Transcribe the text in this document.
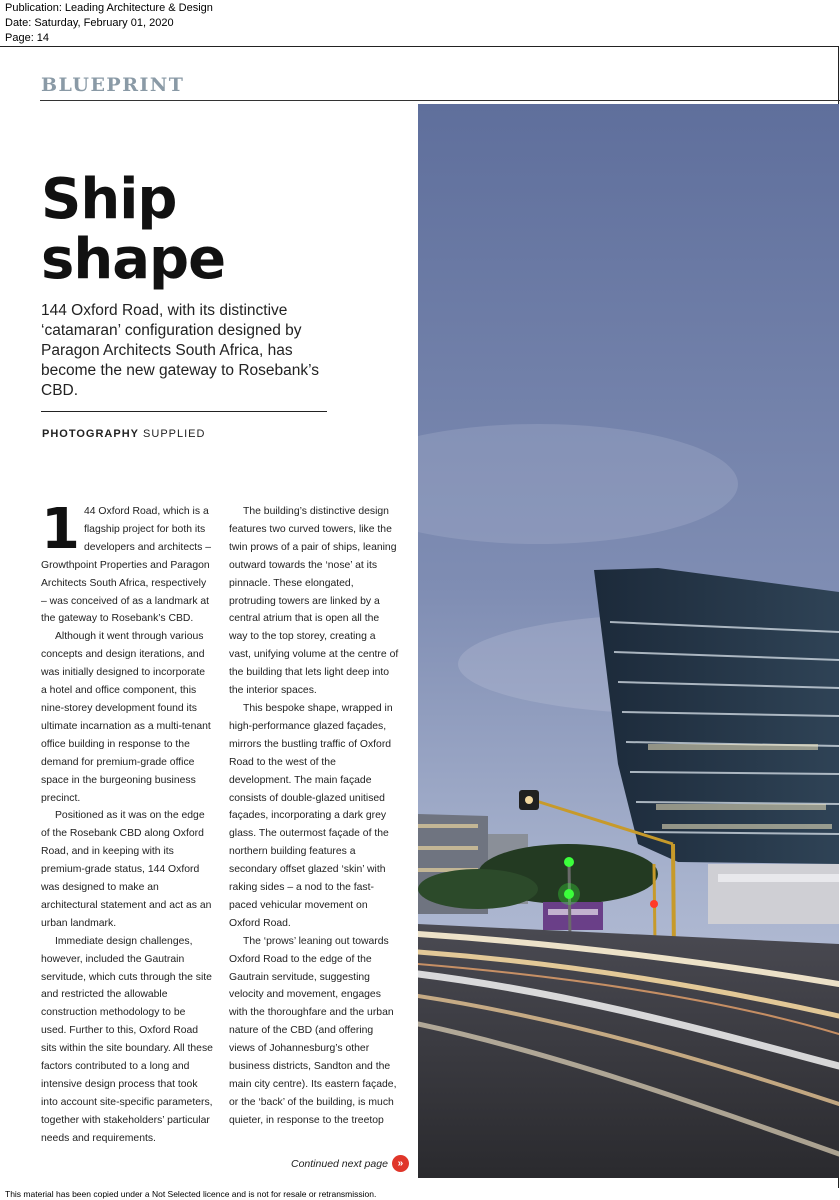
Publication: Leading Architecture & Design
Date: Saturday, February 01, 2020
Page: 14
BLUEPRINT
Ship shape

144 Oxford Road, with its distinctive ‘catamaran’ configuration designed by Paragon Architects South Africa, has become the new gateway to Rosebank’s CBD.

PHOTOGRAPHY SUPPLIED

1 44 Oxford Road, which is a flagship project for both its developers and architects – Growthpoint Properties and Paragon Architects South Africa, respectively – was conceived of as a landmark at the gateway to Rosebank’s CBD.

Although it went through various concepts and design iterations, and was initially designed to incorporate a hotel and office component, this nine-storey development found its ultimate incarnation as a multi-tenant office building in response to the demand for premium-grade office space in the burgeoning business precinct.

Positioned as it was on the edge of the Rosebank CBD along Oxford Road, and in keeping with its premium-grade status, 144 Oxford was designed to make an architectural statement and act as an urban landmark.

Immediate design challenges, however, included the Gautrain servitude, which cuts through the site and restricted the allowable construction methodology to be used. Further to this, Oxford Road sits within the site boundary. All these factors contributed to a long and intensive design process that took into account site-specific parameters, together with stakeholders’ particular needs and requirements.

The building’s distinctive design features two curved towers, like the twin prows of a pair of ships, leaning outward towards the ‘nose’ at its pinnacle. These elongated, protruding towers are linked by a central atrium that is open all the way to the top storey, creating a vast, unifying volume at the centre of the building that lets light deep into the interior spaces.

This bespoke shape, wrapped in high-performance glazed façades, mirrors the bustling traffic of Oxford Road to the west of the development. The main façade consists of double-glazed unitised façades, incorporating a dark grey glass. The outermost façade of the northern building features a secondary offset glazed ‘skin’ with raking sides – a nod to the fast-paced vehicular movement on Oxford Road.

The ‘prows’ leaning out towards Oxford Road to the edge of the Gautrain servitude, suggesting velocity and movement, engages with the thoroughfare and the urban nature of the CBD (and offering views of Johannesburg’s other business districts, Sandton and the main city centre). Its eastern façade, or the ‘back’ of the building, is much quieter, in response to the treetop

Continued next page »
This material has been copied under a Not Selected licence and is not for resale or retransmission.
